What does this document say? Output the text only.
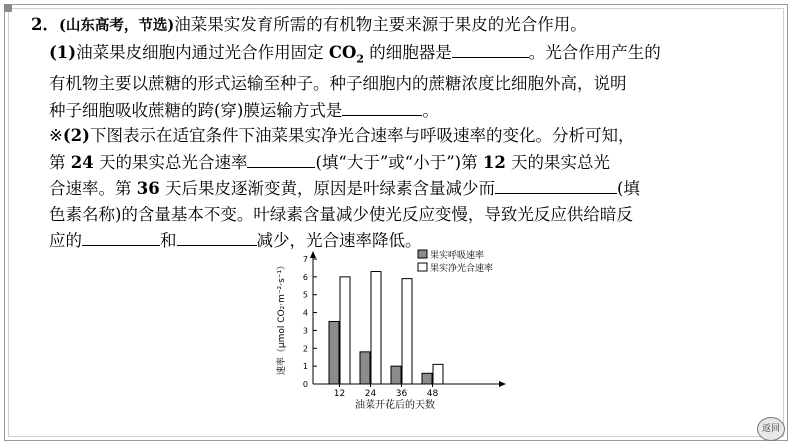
2．(山东高考，节选)油菜果实发育所需的有机物主要来源于果皮的光合作用。
(1)油菜果皮细胞内通过光合作用固定 $CO_2$ 的细胞器是	。光合作用产生的
有机物主要以蔗糖的形式运输至种子。种子细胞内的蔗糖浓度比细胞外高，说明
种子细胞吸收蔗糖的跨(穿)膜运输方式是	。
※(2)下图表示在适宜条件下油菜果实净光合速率与呼吸速率的变化。分析可知，
第 24 天的果实总光合速率	(填“大于”或“小于”)第 12 天的果实总光
合速率。第 36 天后果皮逐渐变黄，原因是叶绿素含量减少而	(填
色素名称)的含量基本不变。叶绿素含量减少使光反应变慢，导致光反应供给暗反
应的	和	减少，光合速率降低。
速率（μmol CO₂·m⁻²·s⁻¹）
0
1
2
3
4
5
6
7
12 24 36 48
油菜开花后的天数
果实呼吸速率
果实净光合速率
返回
